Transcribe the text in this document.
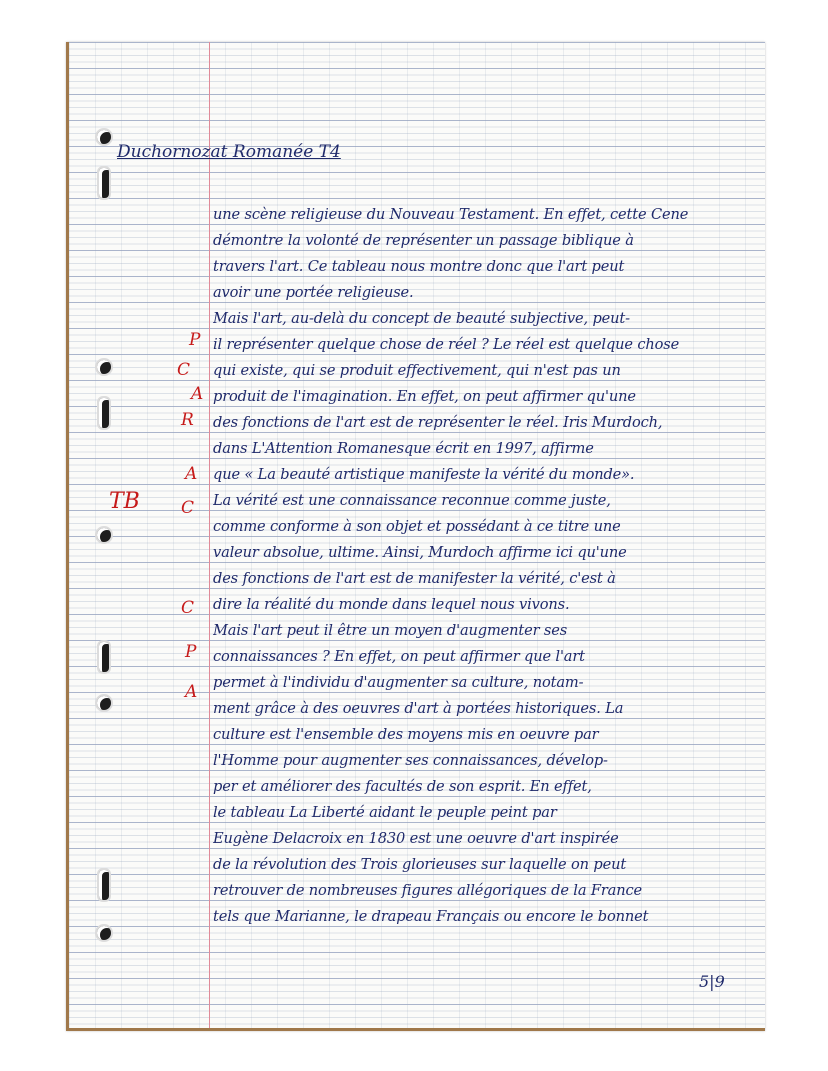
Duchornozat Romanée T4

P
C
A
R
A
TB C
C
P
A
une scène religieuse du Nouveau Testament. En effet, cette Cene
démontre la volonté de représenter un passage biblique à
travers l'art. Ce tableau nous montre donc que l'art peut
avoir une portée religieuse.
Mais l'art, au-delà du concept de beauté subjective, peut-
il représenter quelque chose de réel ? Le réel est quelque chose
qui existe, qui se produit effectivement, qui n'est pas un
produit de l'imagination. En effet, on peut affirmer qu'une
des fonctions de l'art est de représenter le réel. Iris Murdoch,
dans L'Attention Romanesque écrit en 1997, affirme
que « La beauté artistique manifeste la vérité du monde».
La vérité est une connaissance reconnue comme juste,
comme conforme à son objet et possédant à ce titre une
valeur absolue, ultime. Ainsi, Murdoch affirme ici qu'une
des fonctions de l'art est de manifester la vérité, c'est à
dire la réalité du monde dans lequel nous vivons.
Mais l'art peut il être un moyen d'augmenter ses
connaissances ? En effet, on peut affirmer que l'art
permet à l'individu d'augmenter sa culture, notam-
ment grâce à des oeuvres d'art à portées historiques. La
culture est l'ensemble des moyens mis en oeuvre par
l'Homme pour augmenter ses connaissances, dévelop-
per et améliorer des facultés de son esprit. En effet,
le tableau La Liberté aidant le peuple peint par
Eugène Delacroix en 1830 est une oeuvre d'art inspirée
de la révolution des Trois glorieuses sur laquelle on peut
retrouver de nombreuses figures allégoriques de la France
tels que Marianne, le drapeau Français ou encore le bonnet
5|9
